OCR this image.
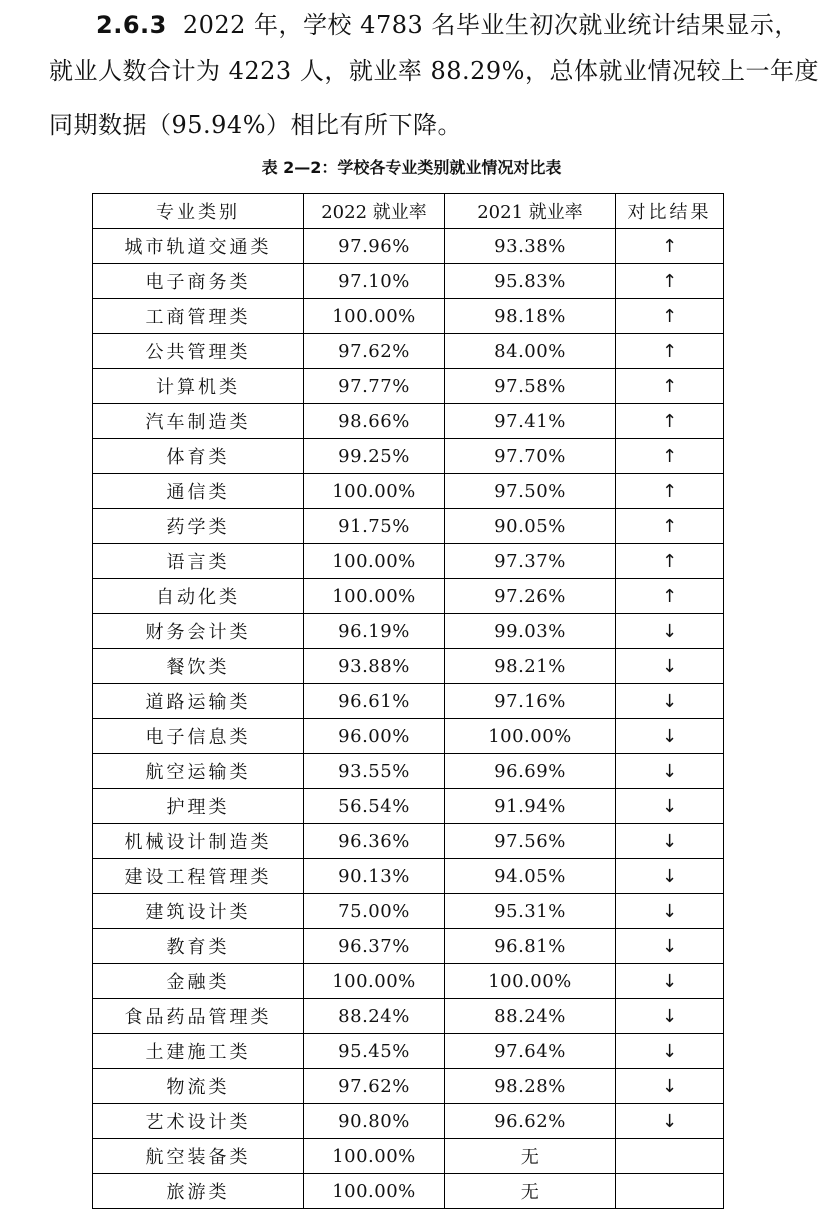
2.6.3 2022 年，学校 4783 名毕业生初次就业统计结果显示，
就业人数合计为 4223 人，就业率 88.29%，总体就业情况较上一年度
同期数据（95.94%）相比有所下降。
表 2—2：学校各专业类别就业情况对比表
专业类别	2022 就业率	2021 就业率	对比结果
城市轨道交通类	97.96%	93.38%	↑
电子商务类	97.10%	95.83%	↑
工商管理类	100.00%	98.18%	↑
公共管理类	97.62%	84.00%	↑
计算机类	97.77%	97.58%	↑
汽车制造类	98.66%	97.41%	↑
体育类	99.25%	97.70%	↑
通信类	100.00%	97.50%	↑
药学类	91.75%	90.05%	↑
语言类	100.00%	97.37%	↑
自动化类	100.00%	97.26%	↑
财务会计类	96.19%	99.03%	↓
餐饮类	93.88%	98.21%	↓
道路运输类	96.61%	97.16%	↓
电子信息类	96.00%	100.00%	↓
航空运输类	93.55%	96.69%	↓
护理类	56.54%	91.94%	↓
机械设计制造类	96.36%	97.56%	↓
建设工程管理类	90.13%	94.05%	↓
建筑设计类	75.00%	95.31%	↓
教育类	96.37%	96.81%	↓
金融类	100.00%	100.00%	↓
食品药品管理类	88.24%	88.24%	↓
土建施工类	95.45%	97.64%	↓
物流类	97.62%	98.28%	↓
艺术设计类	90.80%	96.62%	↓
航空装备类	100.00%	无	
旅游类	100.00%	无	
